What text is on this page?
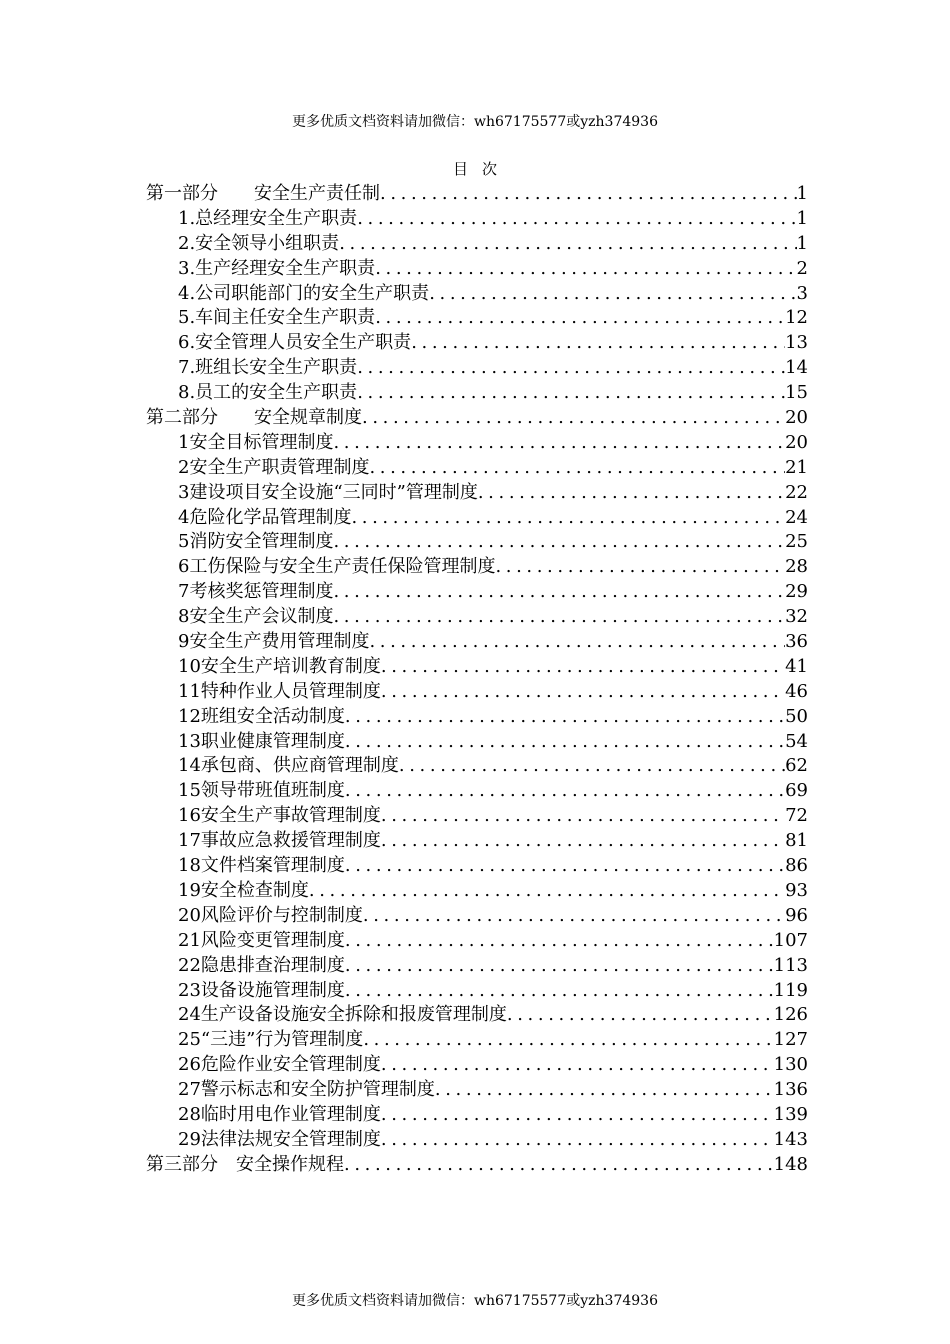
更多优质文档资料请加微信：wh67175577或yzh374936
目次
第一部分　　安全生产责任制 .....	1
1.总经理安全生产职责 .....	1
2.安全领导小组职责 .....	1
3.生产经理安全生产职责 .....	2
4.公司职能部门的安全生产职责 .....	3
5.车间主任安全生产职责 .....	12
6.安全管理人员安全生产职责 .....	13
7.班组长安全生产职责 .....	14
8.员工的安全生产职责 .....	15
第二部分　　安全规章制度 .....	20
1安全目标管理制度 .....	20
2安全生产职责管理制度 .....	21
3建设项目安全设施“三同时”管理制度 .....	22
4危险化学品管理制度 .....	24
5消防安全管理制度 .....	25
6工伤保险与安全生产责任保险管理制度 .....	28
7考核奖惩管理制度 .....	29
8安全生产会议制度 .....	32
9安全生产费用管理制度 .....	36
10安全生产培训教育制度 .....	41
11特种作业人员管理制度 .....	46
12班组安全活动制度 .....	50
13职业健康管理制度 .....	54
14承包商、供应商管理制度 .....	62
15领导带班值班制度 .....	69
16安全生产事故管理制度 .....	72
17事故应急救援管理制度 .....	81
18文件档案管理制度 .....	86
19安全检查制度 .....	93
20风险评价与控制制度 .....	96
21风险变更管理制度 .....	107
22隐患排查治理制度 .....	113
23设备设施管理制度 .....	119
24生产设备设施安全拆除和报废管理制度 .....	126
25“三违”行为管理制度 .....	127
26危险作业安全管理制度 .....	130
27警示标志和安全防护管理制度 .....	136
28临时用电作业管理制度 .....	139
29法律法规安全管理制度 .....	143
第三部分　安全操作规程 .....	148
更多优质文档资料请加微信：wh67175577或yzh374936
